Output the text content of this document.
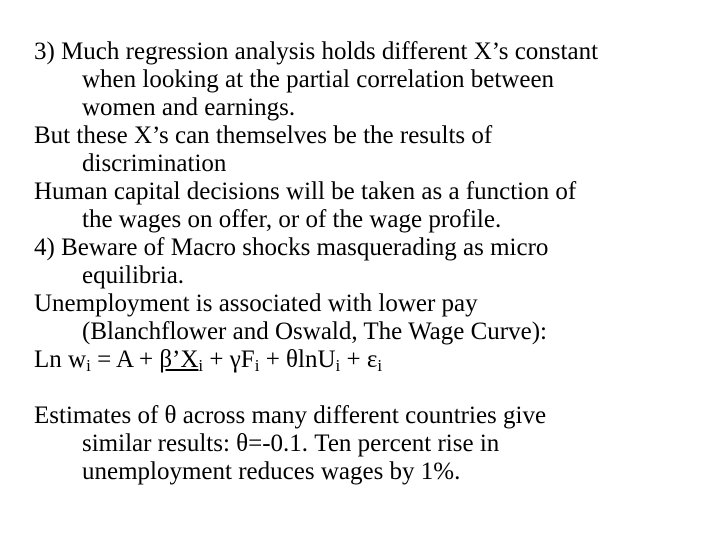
3) Much regression analysis holds different X’s constant
when looking at the partial correlation between
women and earnings.
But these X’s can themselves be the results of
discrimination
Human capital decisions will be taken as a function of
the wages on offer, or of the wage profile.
4) Beware of Macro shocks masquerading as micro
equilibria.
Unemployment is associated with lower pay
(Blanchflower and Oswald, The Wage Curve):
Ln $w_i = A$ + $\beta’X_i + \gamma F_i + \theta\ln U_i + \varepsilon_i$
Estimates of θ across many different countries give
similar results: θ=-0.1. Ten percent rise in
unemployment reduces wages by 1%.
